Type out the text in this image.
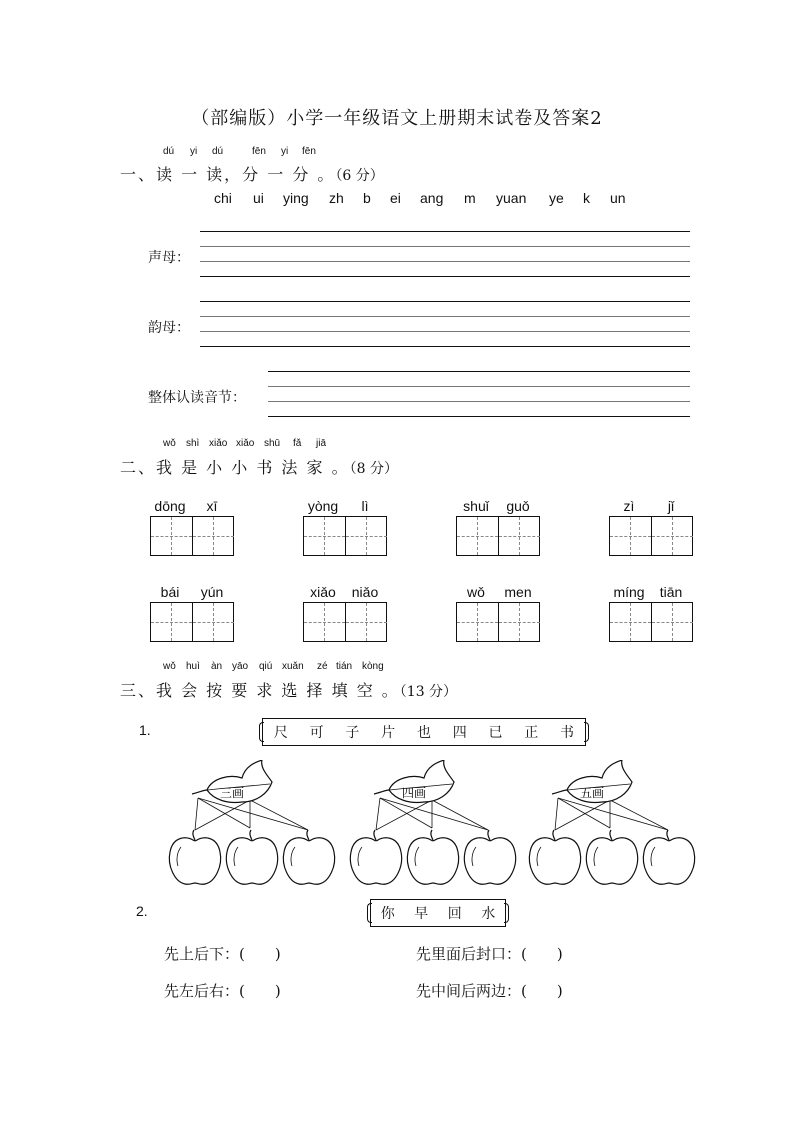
（部编版）小学一年级语文上册期末试卷及答案2
dú yi dú	fēn yi fēn
一、读 一 读，分 一 分 。（6 分）
chi ui ying zh b ei ang m yuan ye k un
声母：
韵母：
整体认读音节：
wǒ shì xiǎo xiǎo shū fǎ jiā
二、我 是 小 小 书 法 家 。（8 分）
dōng	xī	yòng	lì	shuǐ	guǒ	zì	jǐ
bái	yún	xiǎo	niǎo	wǒ	men	míng	tiān
wǒ huì àn yāo qiú xuǎn zé tián kòng
三、我 会 按 要 求 选 择 填 空 。（13 分）
1.	尺 可 子 片 也 四 已 正 书
三画	四画	五画
2.	你 早 回 水
先上后下：(　　)	先里面后封口：(　　)
先左后右：(　　)	先中间后两边：(　　)
